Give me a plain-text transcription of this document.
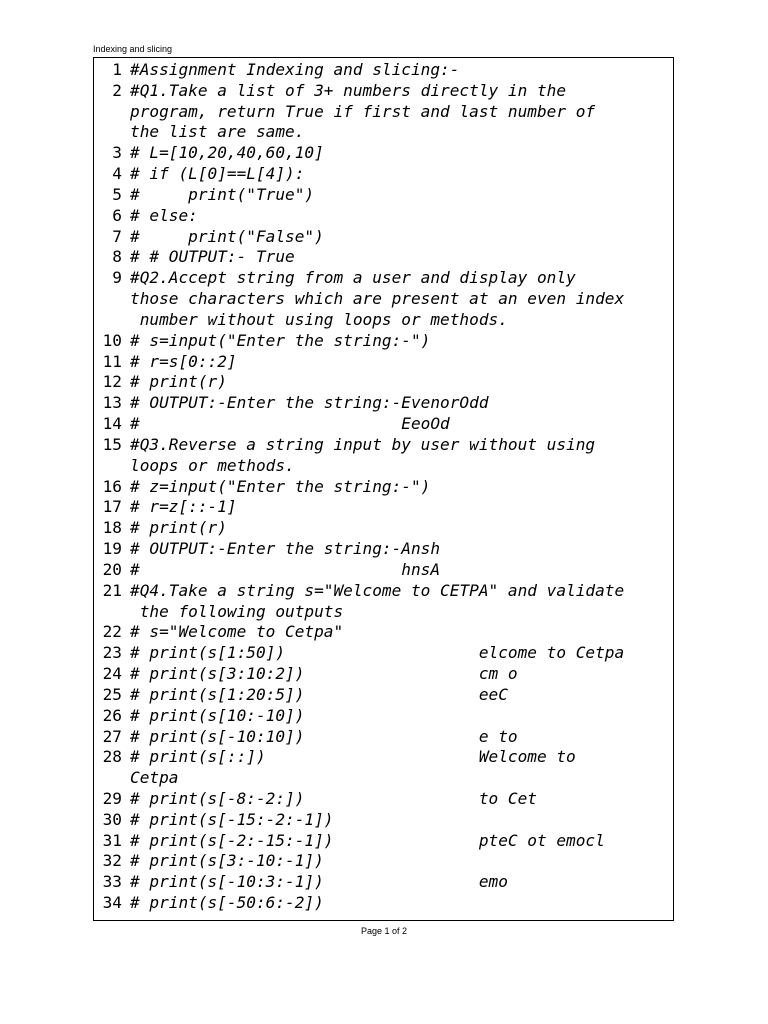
Indexing and slicing
1 #Assignment Indexing and slicing:-
2 #Q1.Take a list of 3+ numbers directly in the
program, return True if first and last number of
the list are same.
3 # L=[10,20,40,60,10]
4 # if (L[0]==L[4]):
5 #     print("True")
6 # else:
7 #     print("False")
8 # # OUTPUT:- True
9 #Q2.Accept string from a user and display only
those characters which are present at an even index
number without using loops or methods.
10 # s=input("Enter the string:-")
11 # r=s[0::2]
12 # print(r)
13 # OUTPUT:-Enter the string:-EvenorOdd
14 #                           EeoOd
15 #Q3.Reverse a string input by user without using
loops or methods.
16 # z=input("Enter the string:-")
17 # r=z[::-1]
18 # print(r)
19 # OUTPUT:-Enter the string:-Ansh
20 #                           hnsA
21 #Q4.Take a string s="Welcome to CETPA" and validate
the following outputs
22 # s="Welcome to Cetpa"
23 # print(s[1:50])                    elcome to Cetpa
24 # print(s[3:10:2])                  cm o
25 # print(s[1:20:5])                  eeC
26 # print(s[10:-10])
27 # print(s[-10:10])                  e to
28 # print(s[::])                      Welcome to
Cetpa
29 # print(s[-8:-2:])                  to Cet
30 # print(s[-15:-2:-1])
31 # print(s[-2:-15:-1])               pteC ot emocl
32 # print(s[3:-10:-1])
33 # print(s[-10:3:-1])                emo
34 # print(s[-50:6:-2])
Page 1 of 2
